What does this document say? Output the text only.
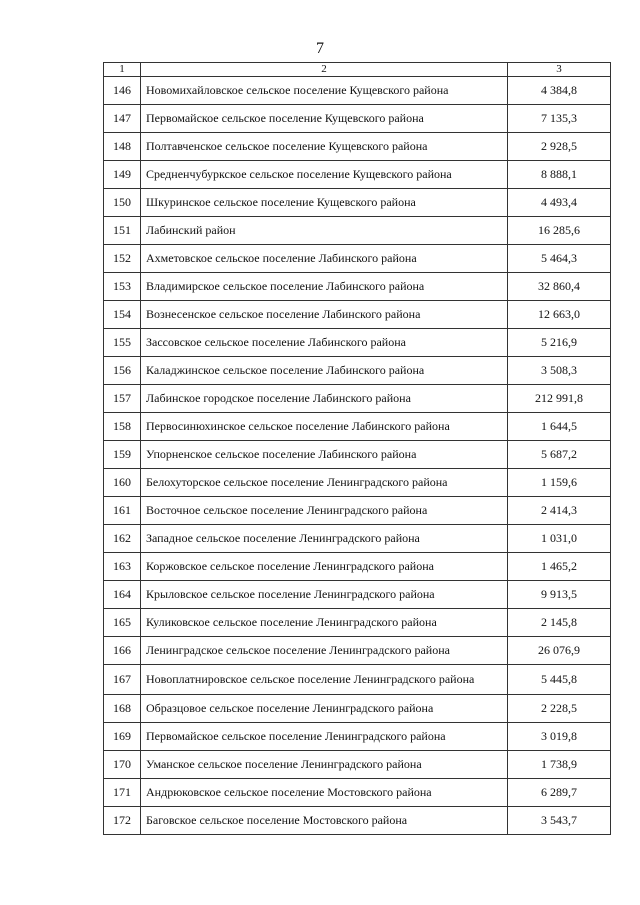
7
1	2	3
146	Новомихайловское сельское поселение Кущевского района	4 384,8
147	Первомайское сельское поселение Кущевского района	7 135,3
148	Полтавченское сельское поселение Кущевского района	2 928,5
149	Средненчубуркское сельское поселение Кущевского района	8 888,1
150	Шкуринское сельское поселение Кущевского района	4 493,4
151	Лабинский район	16 285,6
152	Ахметовское сельское поселение Лабинского района	5 464,3
153	Владимирское сельское поселение Лабинского района	32 860,4
154	Вознесенское сельское поселение Лабинского района	12 663,0
155	Зассовское сельское поселение Лабинского района	5 216,9
156	Каладжинское сельское поселение Лабинского района	3 508,3
157	Лабинское городское поселение Лабинского района	212 991,8
158	Первосинюхинское сельское поселение Лабинского района	1 644,5
159	Упорненское сельское поселение Лабинского района	5 687,2
160	Белохуторское сельское поселение Ленинградского района	1 159,6
161	Восточное сельское поселение Ленинградского района	2 414,3
162	Западное сельское поселение Ленинградского района	1 031,0
163	Коржовское сельское поселение Ленинградского района	1 465,2
164	Крыловское сельское поселение Ленинградского района	9 913,5
165	Куликовское сельское поселение Ленинградского района	2 145,8
166	Ленинградское сельское поселение Ленинградского района	26 076,9
167	Новоплатнировское сельское поселение Ленинградского района	5 445,8
168	Образцовое сельское поселение Ленинградского района	2 228,5
169	Первомайское сельское поселение Ленинградского района	3 019,8
170	Уманское сельское поселение Ленинградского района	1 738,9
171	Андрюковское сельское поселение Мостовского района	6 289,7
172	Баговское сельское поселение Мостовского района	3 543,7
